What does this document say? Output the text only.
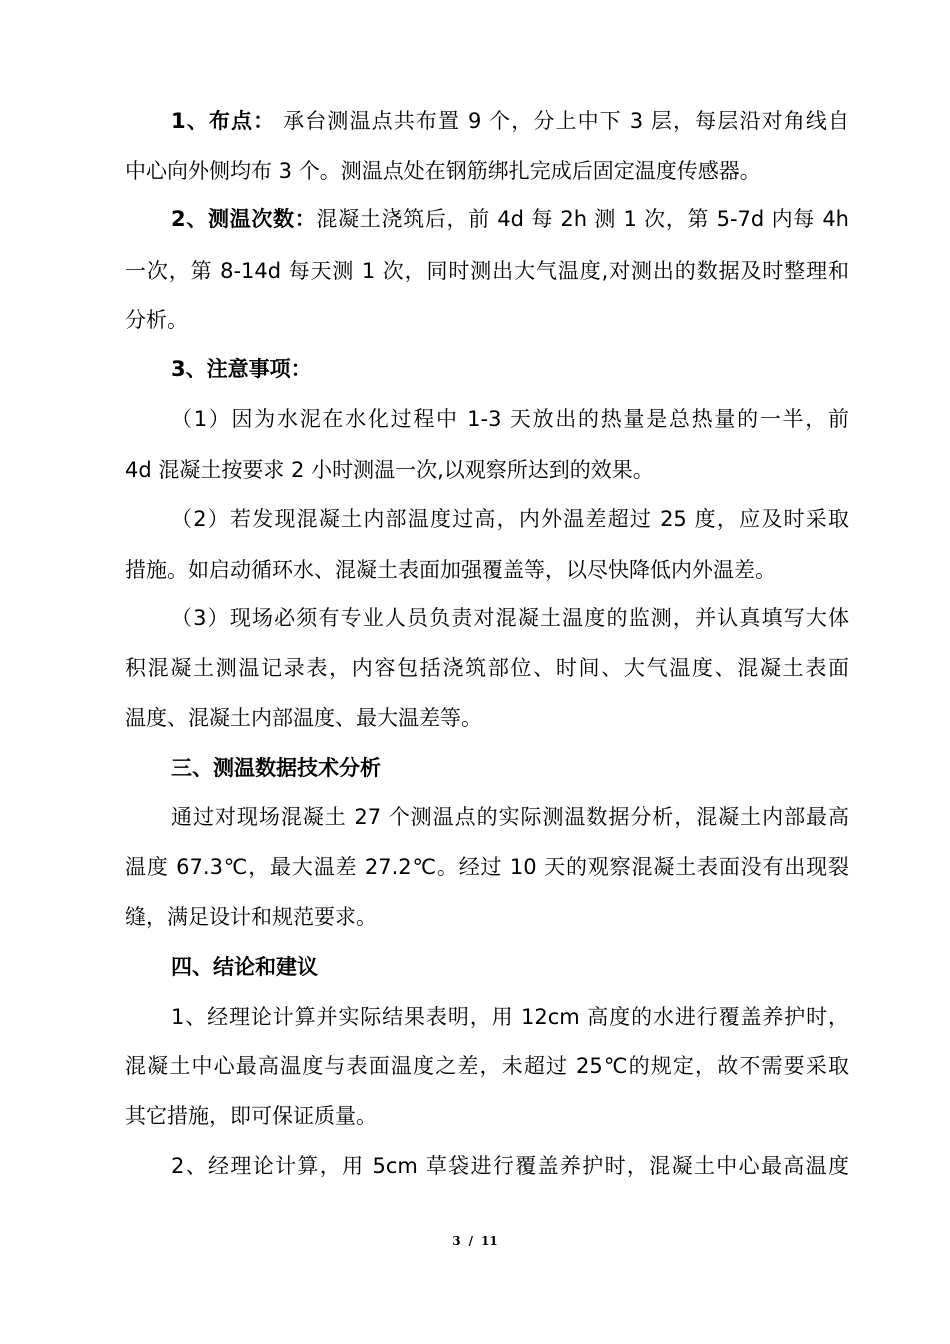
1、布点： 承台测温点共布置 9 个，分上中下 3 层，每层沿对角线自
中心向外侧均布 3 个。测温点处在钢筋绑扎完成后固定温度传感器。
2、测温次数：混凝土浇筑后，前 4d 每 2h 测 1 次，第 5-7d 内每 4h
一次，第 8-14d 每天测 1 次，同时测出大气温度,对测出的数据及时整理和
分析。
3、注意事项：
（1）因为水泥在水化过程中 1-3 天放出的热量是总热量的一半，前
4d 混凝土按要求 2 小时测温一次,以观察所达到的效果。
（2）若发现混凝土内部温度过高，内外温差超过 25 度，应及时采取
措施。如启动循环水、混凝土表面加强覆盖等，以尽快降低内外温差。
（3）现场必须有专业人员负责对混凝土温度的监测，并认真填写大体
积混凝土测温记录表，内容包括浇筑部位、时间、大气温度、混凝土表面
温度、混凝土内部温度、最大温差等。
三、测温数据技术分析
通过对现场混凝土 27 个测温点的实际测温数据分析，混凝土内部最高
温度 67.3℃，最大温差 27.2℃。经过 10 天的观察混凝土表面没有出现裂
缝，满足设计和规范要求。
四、结论和建议
1、经理论计算并实际结果表明，用 12cm 高度的水进行覆盖养护时，
混凝土中心最高温度与表面温度之差，未超过 25℃的规定，故不需要采取
其它措施，即可保证质量。
2、经理论计算，用 5cm 草袋进行覆盖养护时，混凝土中心最高温度
3 / 11
